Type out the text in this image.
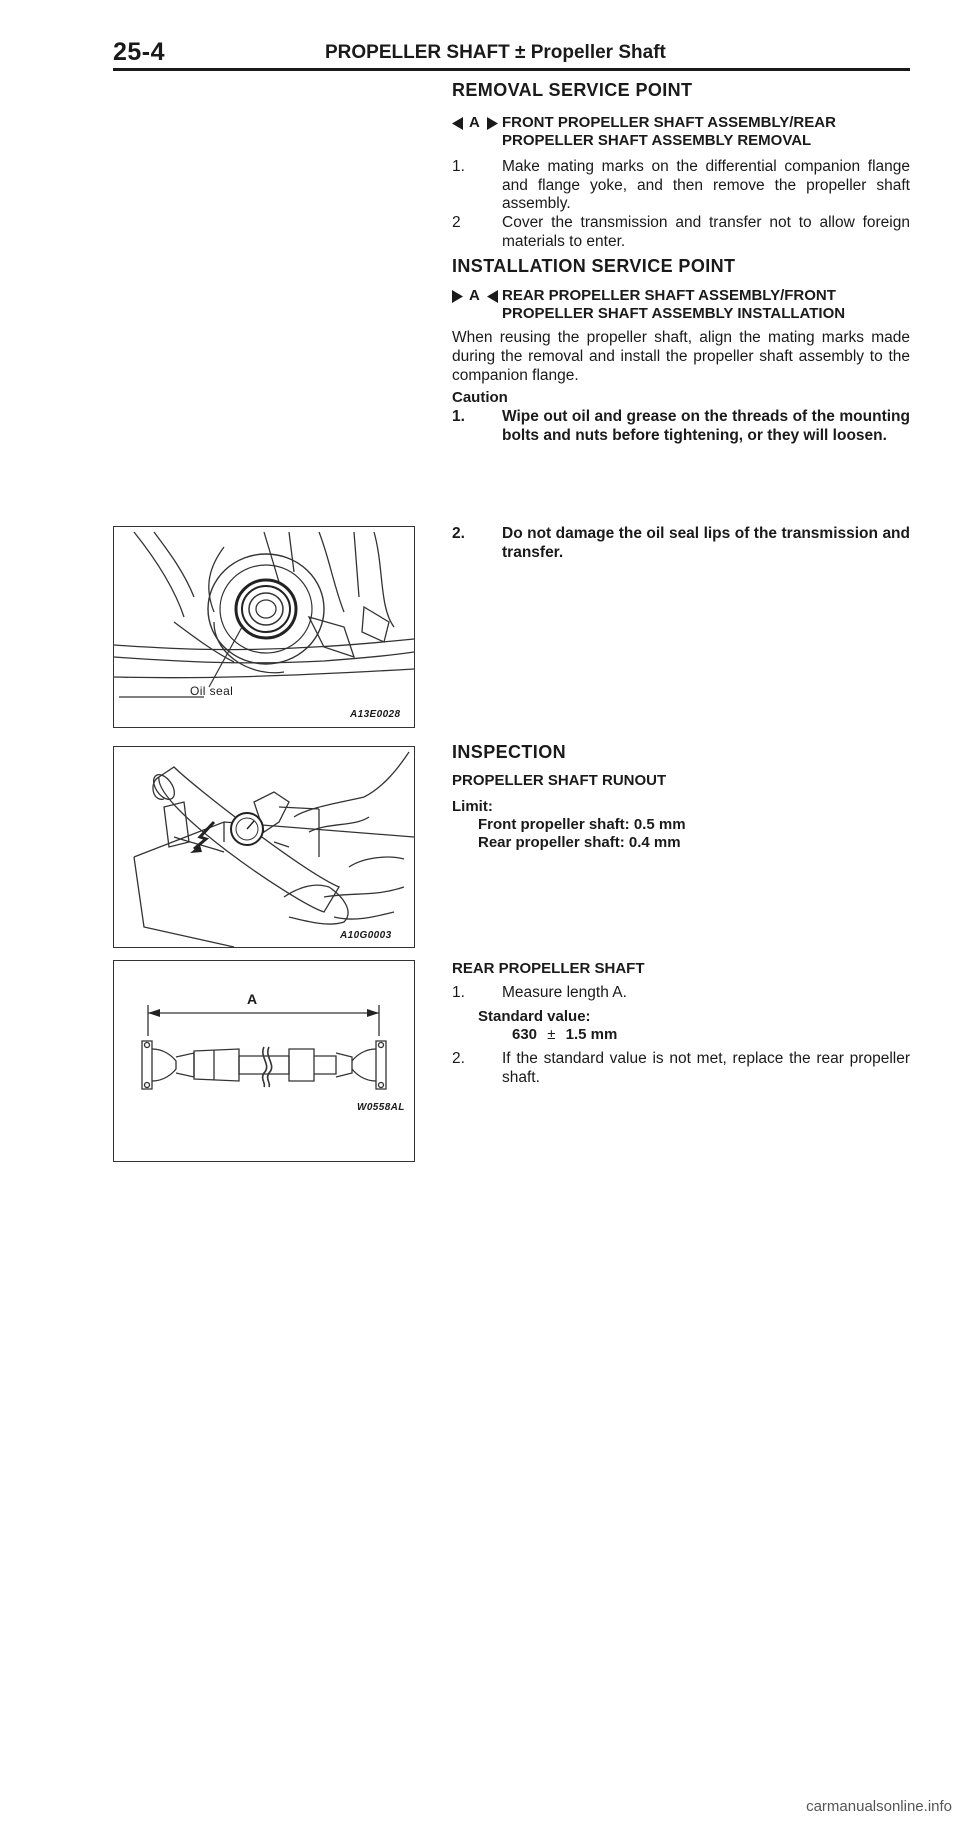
25-4	PROPELLER SHAFT ± Propeller Shaft
REMOVAL SERVICE POINT
A FRONT PROPELLER SHAFT ASSEMBLY/REAR
PROPELLER SHAFT ASSEMBLY REMOVAL
1. Make mating marks on the differential companion flange and flange yoke, and then remove the propeller shaft assembly.
2	Cover the transmission and transfer not to allow foreign materials to enter.
INSTALLATION SERVICE POINT
A REAR PROPELLER SHAFT ASSEMBLY/FRONT
PROPELLER SHAFT ASSEMBLY INSTALLATION
When reusing the propeller shaft, align the mating marks made during the removal and install the propeller shaft assembly to the companion flange.
Caution
1. Wipe out oil and grease on the threads of the mounting bolts and nuts before tightening, or they will loosen.
2. Do not damage the oil seal lips of the transmission and transfer.
Oil seal
A13E0028
INSPECTION
PROPELLER SHAFT RUNOUT
Limit:
Front propeller shaft: 0.5 mm
Rear propeller shaft: 0.4 mm
A10G0003
REAR PROPELLER SHAFT
1. Measure length A.
Standard value:
630 ± 1.5 mm
2. If the standard value is not met, replace the rear propeller shaft.
A
W0558AL
carmanualsonline.info
